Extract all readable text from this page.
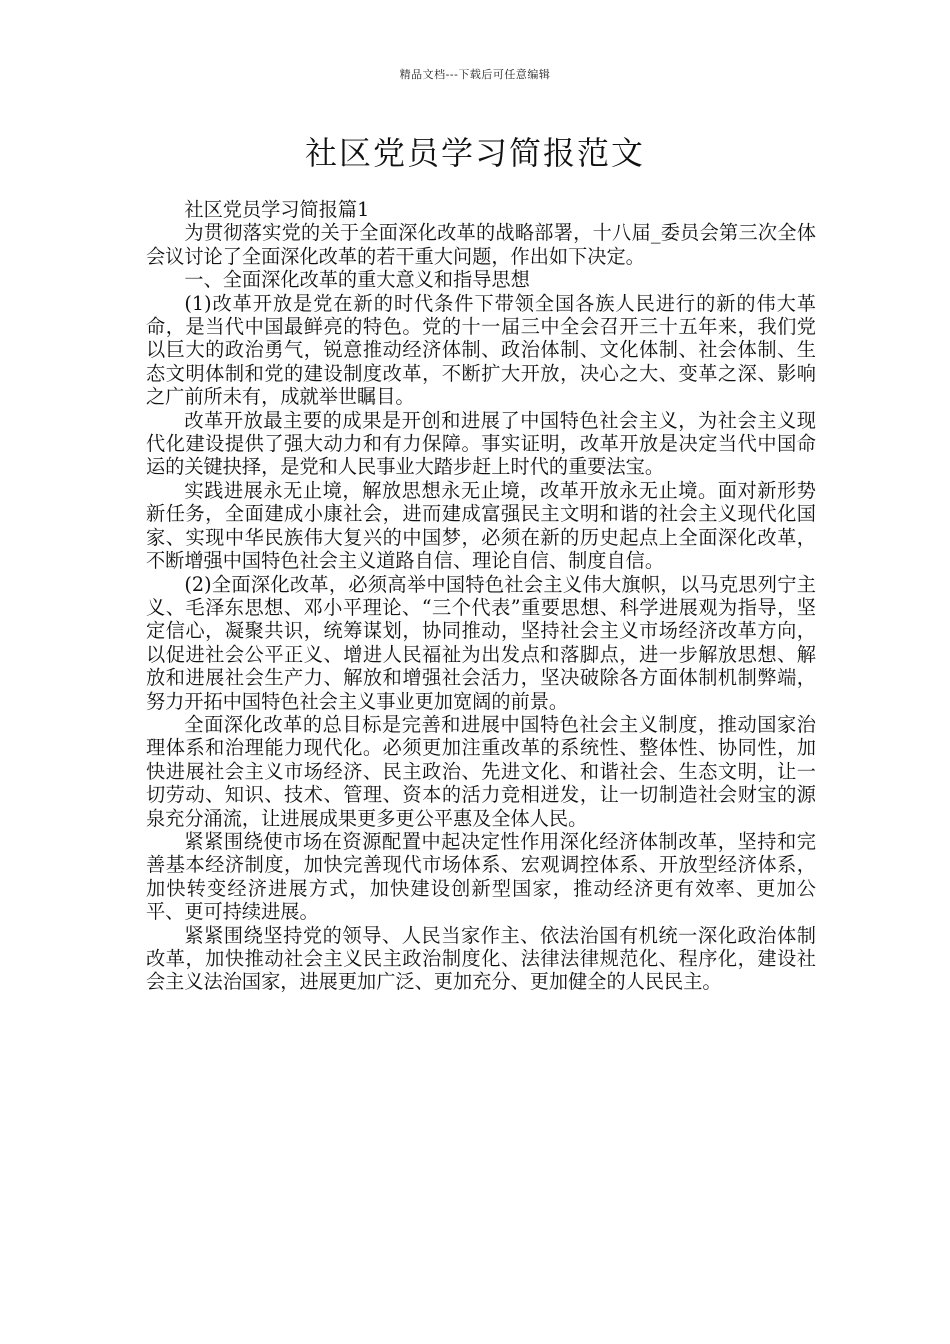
精品文档---下载后可任意编辑
社区党员学习简报范文

社区党员学习简报篇1

为贯彻落实党的关于全面深化改革的战略部署，十八届_委员会第三次全体会议讨论了全面深化改革的若干重大问题，作出如下决定。

一、全面深化改革的重大意义和指导思想

(1)改革开放是党在新的时代条件下带领全国各族人民进行的新的伟大革命，是当代中国最鲜亮的特色。党的十一届三中全会召开三十五年来，我们党以巨大的政治勇气，锐意推动经济体制、政治体制、文化体制、社会体制、生态文明体制和党的建设制度改革，不断扩大开放，决心之大、变革之深、影响之广前所未有，成就举世瞩目。

改革开放最主要的成果是开创和进展了中国特色社会主义，为社会主义现代化建设提供了强大动力和有力保障。事实证明，改革开放是决定当代中国命运的关键抉择，是党和人民事业大踏步赶上时代的重要法宝。

实践进展永无止境，解放思想永无止境，改革开放永无止境。面对新形势新任务，全面建成小康社会，进而建成富强民主文明和谐的社会主义现代化国家、实现中华民族伟大复兴的中国梦，必须在新的历史起点上全面深化改革，不断增强中国特色社会主义道路自信、理论自信、制度自信。

(2)全面深化改革，必须高举中国特色社会主义伟大旗帜，以马克思列宁主义、毛泽东思想、邓小平理论、“三个代表”重要思想、科学进展观为指导，坚定信心，凝聚共识，统筹谋划，协同推动，坚持社会主义市场经济改革方向，以促进社会公平正义、增进人民福祉为出发点和落脚点，进一步解放思想、解放和进展社会生产力、解放和增强社会活力，坚决破除各方面体制机制弊端，努力开拓中国特色社会主义事业更加宽阔的前景。

全面深化改革的总目标是完善和进展中国特色社会主义制度，推动国家治理体系和治理能力现代化。必须更加注重改革的系统性、整体性、协同性，加快进展社会主义市场经济、民主政治、先进文化、和谐社会、生态文明，让一切劳动、知识、技术、管理、资本的活力竞相迸发，让一切制造社会财宝的源泉充分涌流，让进展成果更多更公平惠及全体人民。

紧紧围绕使市场在资源配置中起决定性作用深化经济体制改革，坚持和完善基本经济制度，加快完善现代市场体系、宏观调控体系、开放型经济体系，加快转变经济进展方式，加快建设创新型国家，推动经济更有效率、更加公平、更可持续进展。

紧紧围绕坚持党的领导、人民当家作主、依法治国有机统一深化政治体制改革，加快推动社会主义民主政治制度化、法律法律规范化、程序化，建设社会主义法治国家，进展更加广泛、更加充分、更加健全的人民民主。
